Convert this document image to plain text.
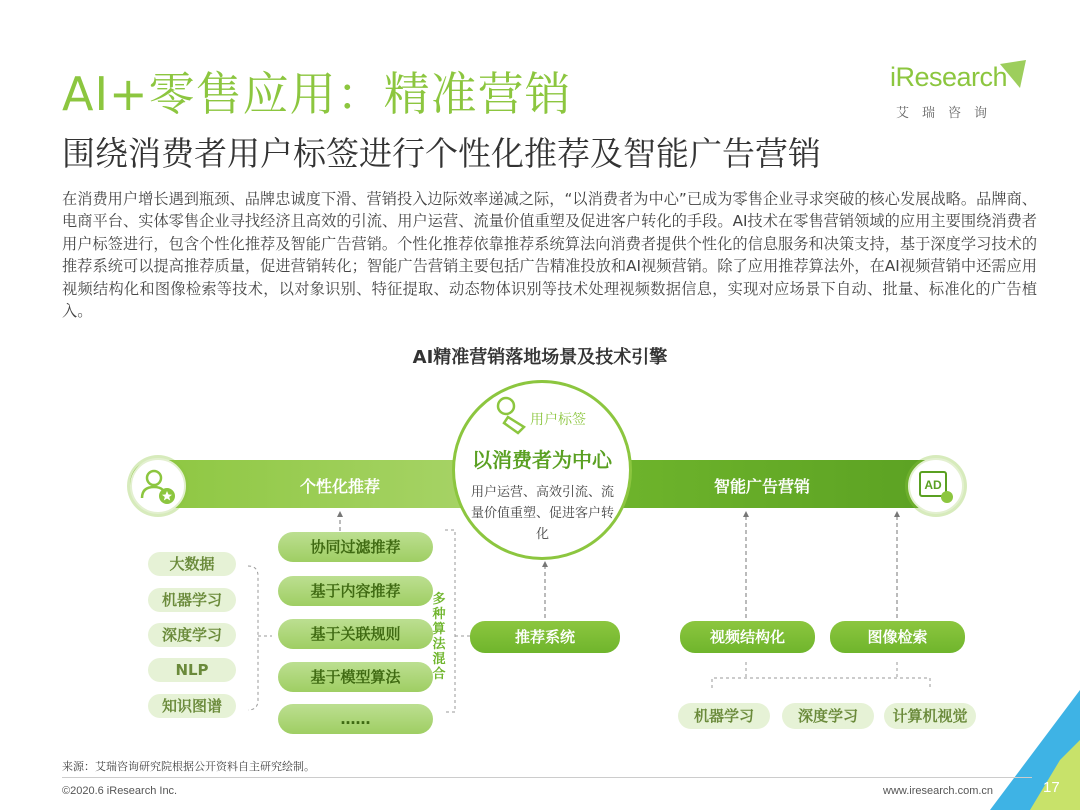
AI+零售应用：精准营销
围绕消费者用户标签进行个性化推荐及智能广告营销
iResearch
艾瑞咨询
在消费用户增长遇到瓶颈、品牌忠诚度下滑、营销投入边际效率递减之际，“以消费者为中心”已成为零售企业寻求突破的核心发展战略。品牌商、电商平台、实体零售企业寻找经济且高效的引流、用户运营、流量价值重塑及促进客户转化的手段。AI技术在零售营销领域的应用主要围绕消费者用户标签进行，包含个性化推荐及智能广告营销。个性化推荐依靠推荐系统算法向消费者提供个性化的信息服务和决策支持，基于深度学习技术的推荐系统可以提高推荐质量，促进营销转化；智能广告营销主要包括广告精准投放和AI视频营销。除了应用推荐算法外，在AI视频营销中还需应用视频结构化和图像检索等技术，以对象识别、特征提取、动态物体识别等技术处理视频数据信息，实现对应场景下自动、批量、标准化的广告植入。
AI精准营销落地场景及技术引擎
个性化推荐	智能广告营销	AD
用户标签
以消费者为中心
用户运营、高效引流、流量价值重塑、促进客户转化
大数据
机器学习
深度学习
NLP
知识图谱
协同过滤推荐
基于内容推荐
基于关联规则
基于模型算法
……
多种算法混合
推荐系统	视频结构化	图像检索
机器学习	深度学习	计算机视觉
来源：艾瑞咨询研究院根据公开资料自主研究绘制。
©2020.6 iResearch Inc.	www.iresearch.com.cn	17
